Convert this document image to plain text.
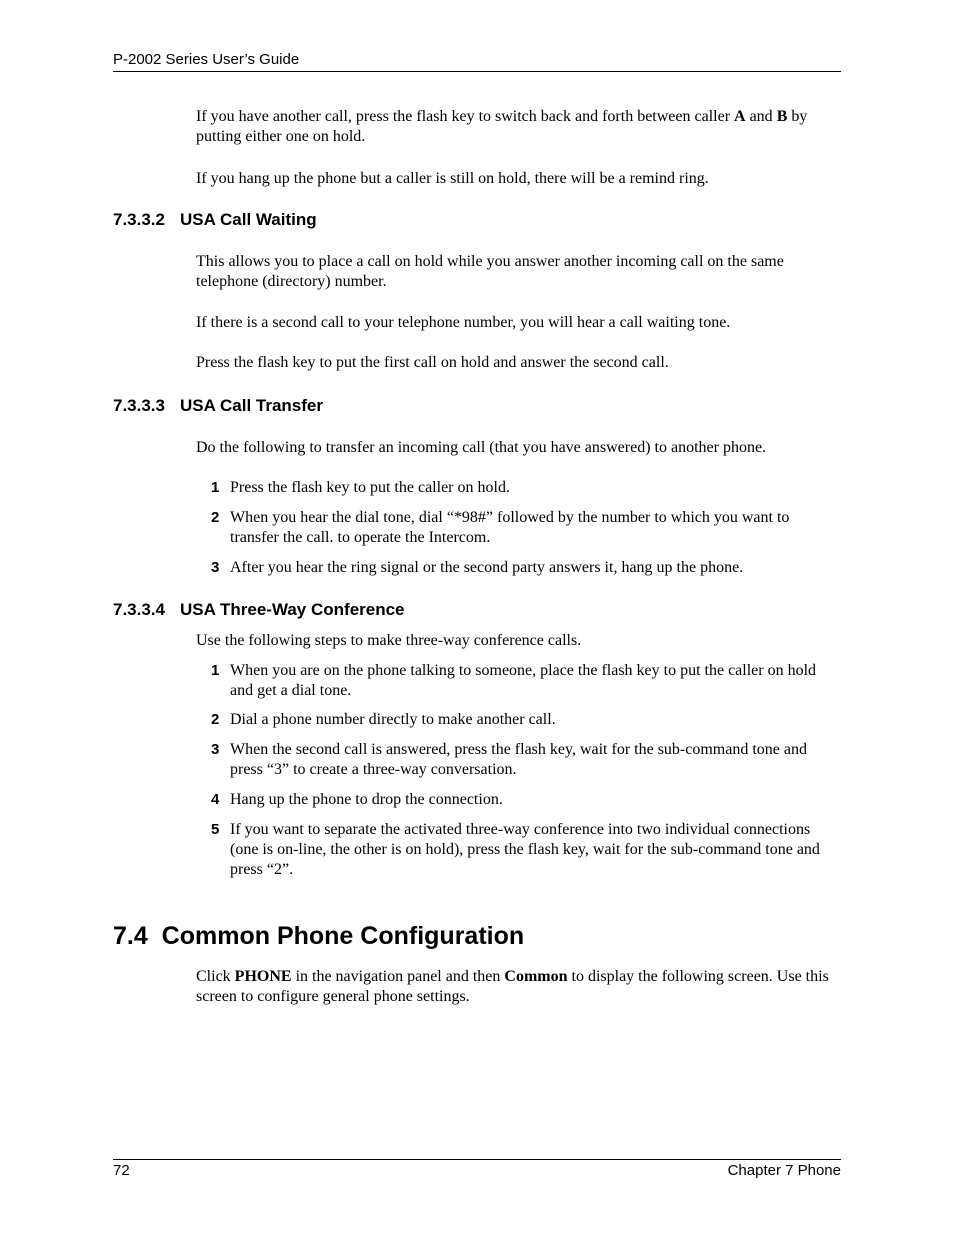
P-2002 Series User’s Guide
If you have another call, press the flash key to switch back and forth between caller A and B by putting either one on hold.
If you hang up the phone but a caller is still on hold, there will be a remind ring.
7.3.3.2 USA Call Waiting
This allows you to place a call on hold while you answer another incoming call on the same telephone (directory) number.
If there is a second call to your telephone number, you will hear a call waiting tone.
Press the flash key to put the first call on hold and answer the second call.
7.3.3.3 USA Call Transfer
Do the following to transfer an incoming call (that you have answered) to another phone.
1 Press the flash key to put the caller on hold.
2 When you hear the dial tone, dial “*98#” followed by the number to which you want to transfer the call. to operate the Intercom.
3 After you hear the ring signal or the second party answers it, hang up the phone.
7.3.3.4 USA Three-Way Conference
Use the following steps to make three-way conference calls.
1 When you are on the phone talking to someone, place the flash key to put the caller on hold and get a dial tone.
2 Dial a phone number directly to make another call.
3 When the second call is answered, press the flash key, wait for the sub-command tone and press “3” to create a three-way conversation.
4 Hang up the phone to drop the connection.
5 If you want to separate the activated three-way conference into two individual connections (one is on-line, the other is on hold), press the flash key, wait for the sub-command tone and press “2”.
7.4 Common Phone Configuration
Click PHONE in the navigation panel and then Common to display the following screen. Use this screen to configure general phone settings.
72	Chapter 7 Phone
